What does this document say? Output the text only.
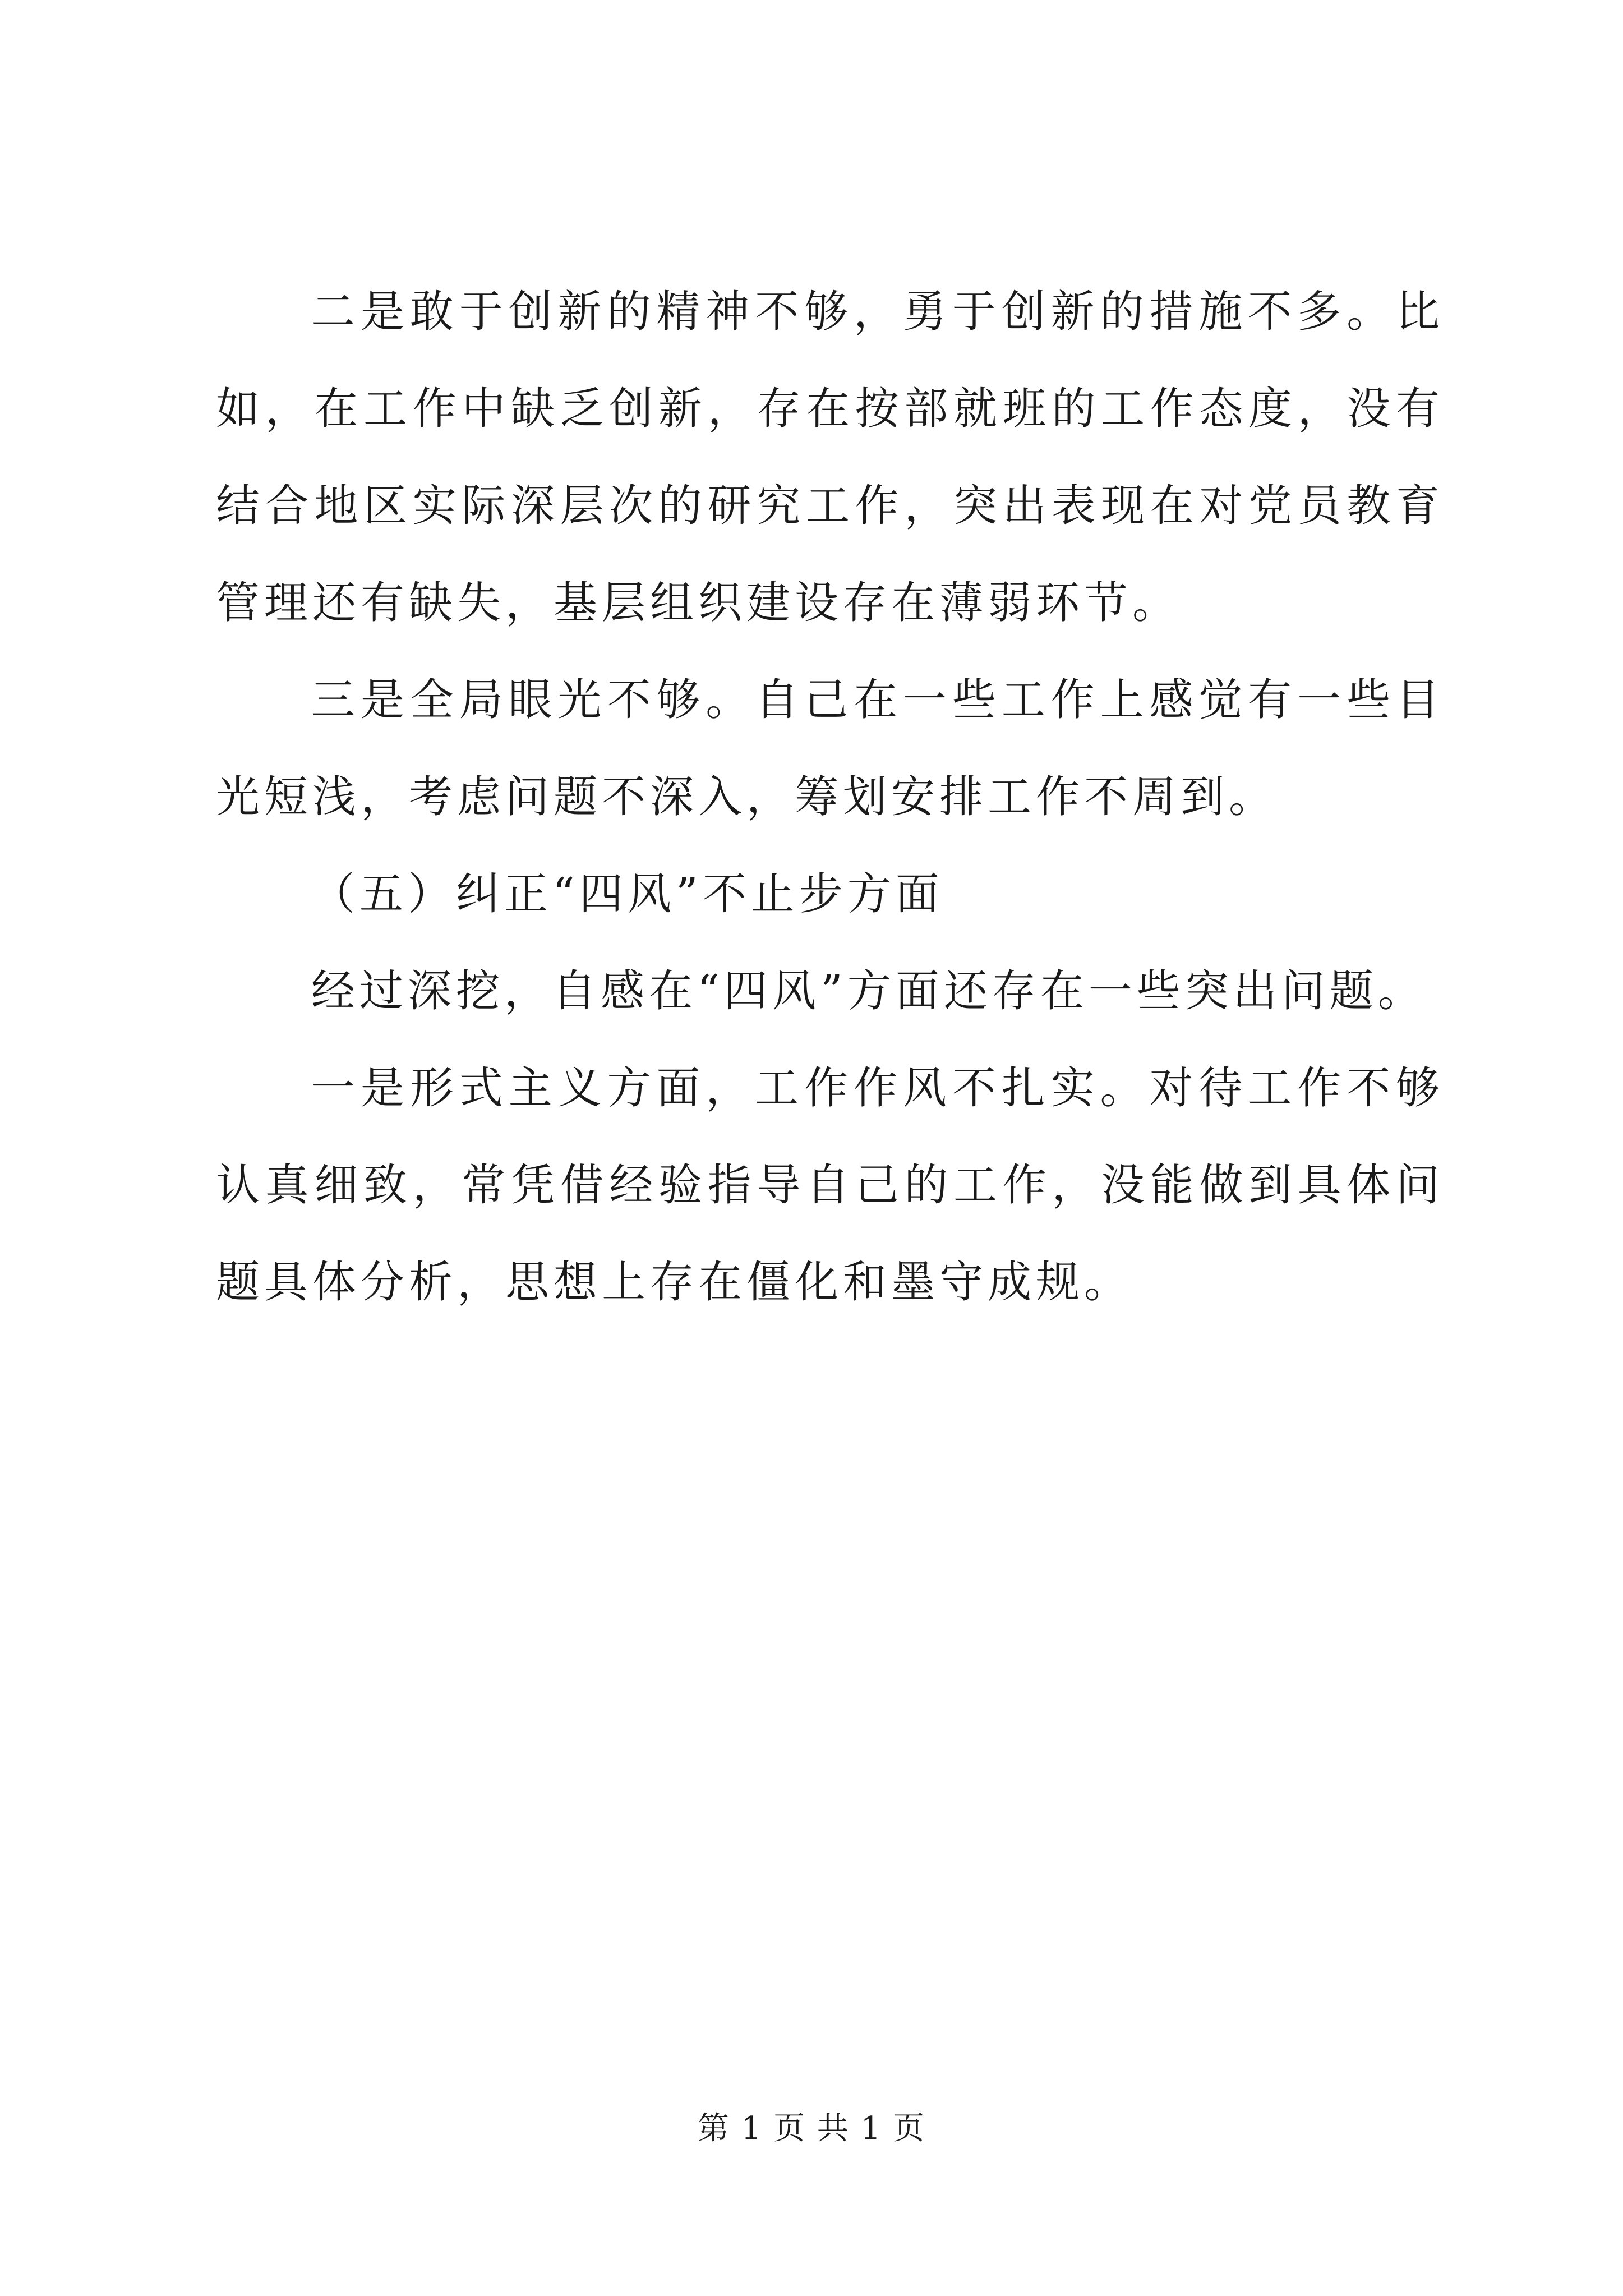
二是敢于创新的精神不够，勇于创新的措施不多。比如，在工作中缺乏创新，存在按部就班的工作态度，没有结合地区实际深层次的研究工作，突出表现在对党员教育管理还有缺失，基层组织建设存在薄弱环节。

三是全局眼光不够。自己在一些工作上感觉有一些目光短浅，考虑问题不深入，筹划安排工作不周到。

（五）纠正“四风”不止步方面

经过深挖，自感在“四风”方面还存在一些突出问题。

一是形式主义方面，工作作风不扎实。对待工作不够认真细致，常凭借经验指导自己的工作，没能做到具体问题具体分析，思想上存在僵化和墨守成规。

第 1 页 共 1 页
